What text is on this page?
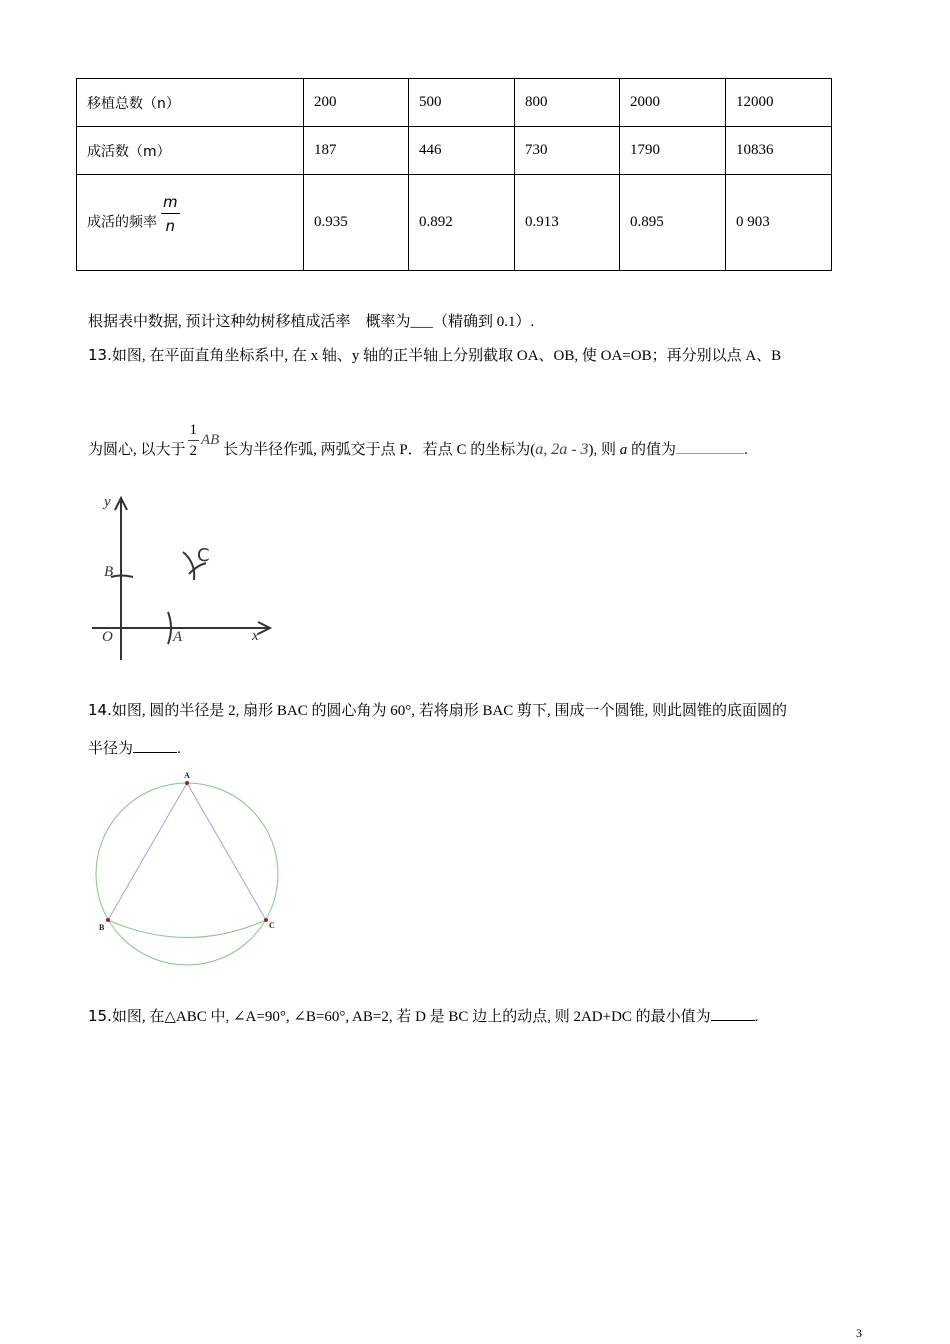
移植总数（n）	200	500	800	2000	12000
成活数（m）	187	446	730	1790	10836
成活的频率 $\frac{m}{n}$	0.935	0.892	0.913	0.895	0 903
根据表中数据, 预计这种幼树移植成活率　概率为___（精确到 0.1）.
13.如图, 在平面直角坐标系中, 在 x 轴、y 轴的正半轴上分别截取 OA、OB, 使 OA=OB；再分别以点 A、B
为圆心, 以大于 $\frac{1}{2}$ AB 长为半径作弧, 两弧交于点 P．若点 C 的坐标为(a, 2a - 3), 则 a 的值为	.
y
B
O	A	x
C
14.如图, 圆的半径是 2, 扇形 BAC 的圆心角为 60°, 若将扇形 BAC 剪下, 围成一个圆锥, 则此圆锥的底面圆的
半径为	.
A
B	C
15.如图, 在△ABC 中, ∠A=90°, ∠B=60°, AB=2, 若 D 是 BC 边上的动点, 则 2AD+DC 的最小值为	.
3
